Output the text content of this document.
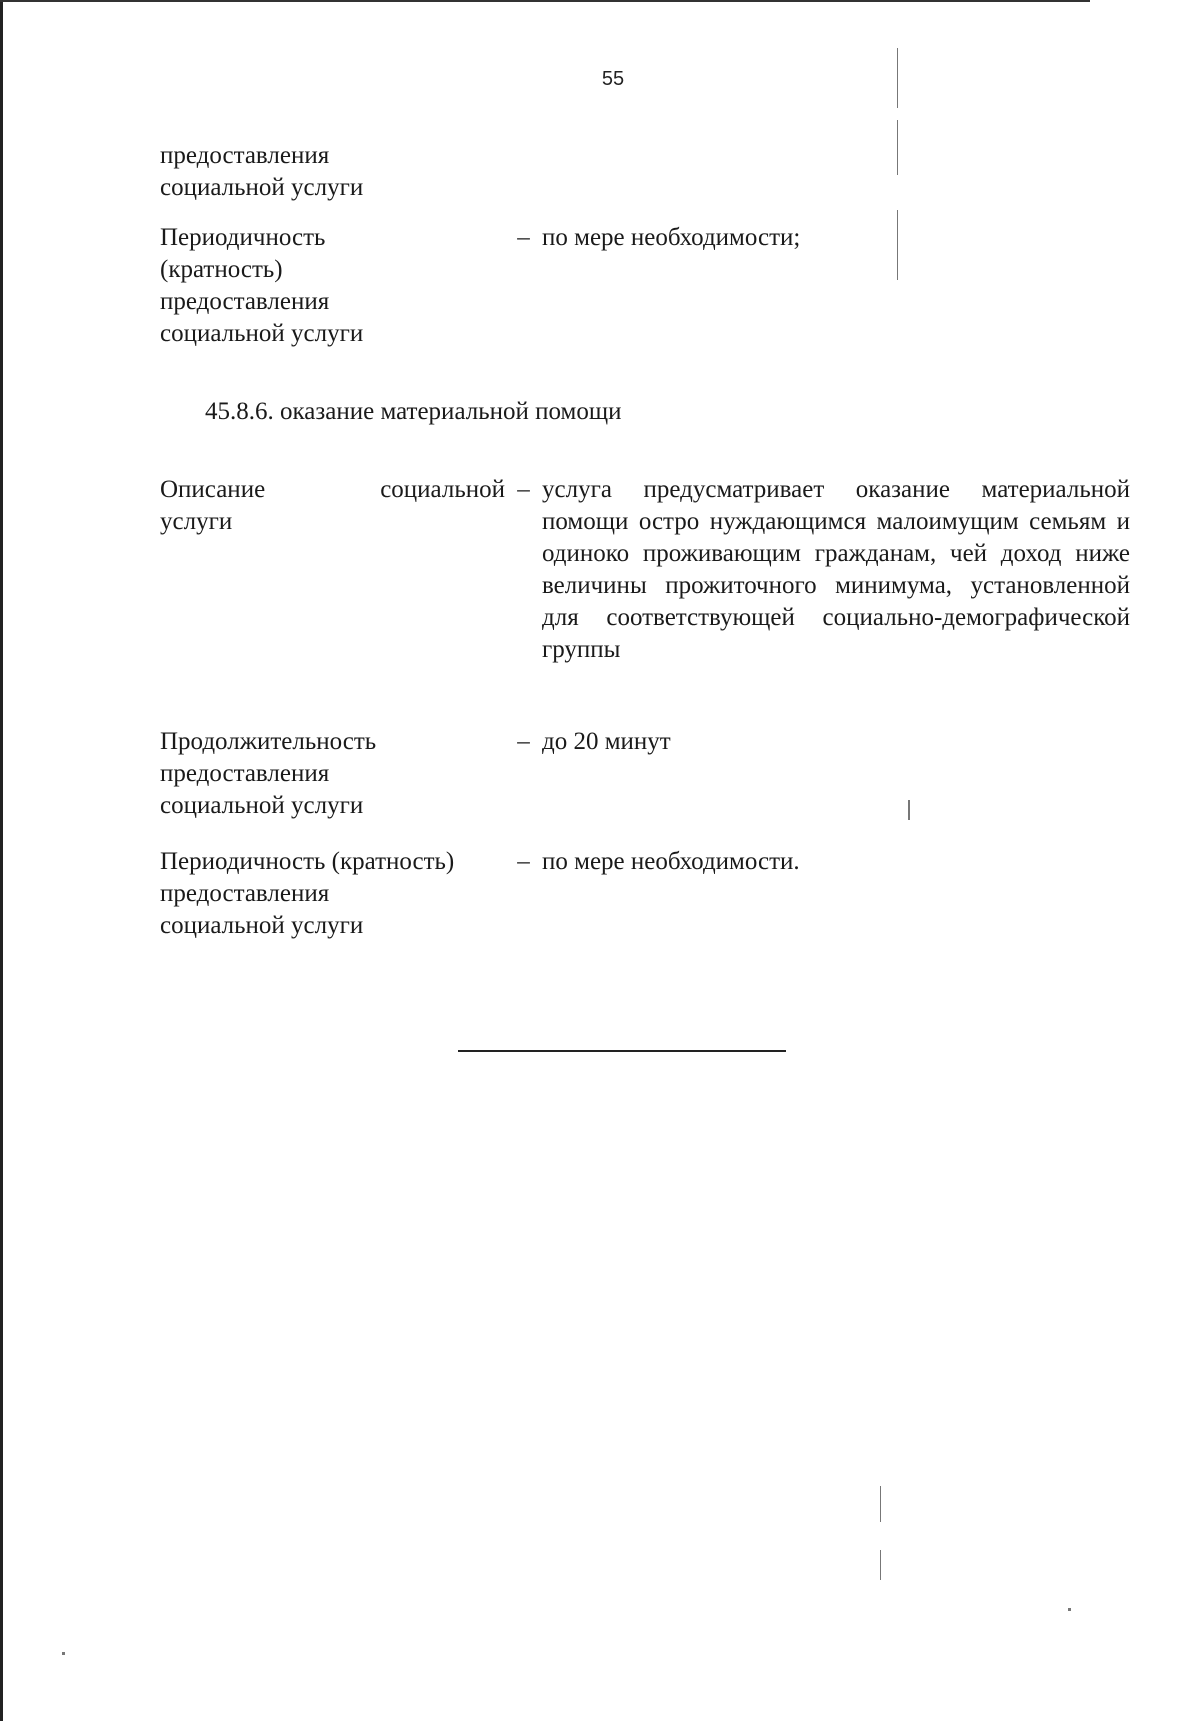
55
предоставления
социальной услуги
Периодичность
(кратность)
предоставления
социальной услуги
– по мере необходимости;
45.8.6. оказание материальной помощи
Описание	социальной
услуги
– услуга предусматривает оказание материальной помощи остро нуждающимся малоимущим семьям и одиноко проживающим гражданам, чей доход ниже величины прожиточного минимума, установленной для соответствующей социально-демографической группы
Продолжительность
предоставления
социальной услуги
– до 20 минут
Периодичность (кратность)
предоставления
социальной услуги
– по мере необходимости.
